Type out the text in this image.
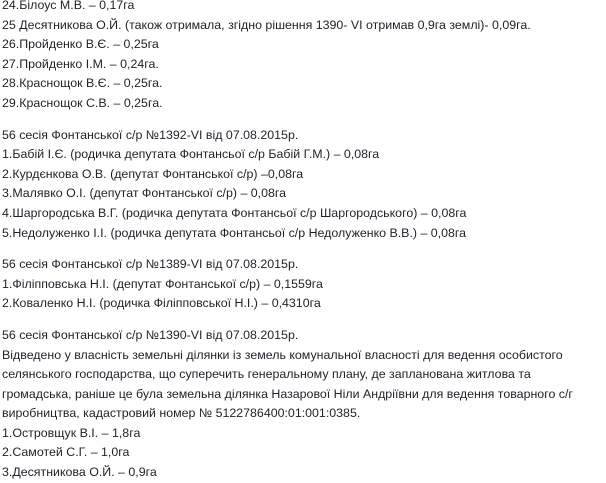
24.Білоус М.В. – 0,17га
25 Десятникова О.Й. (також отримала, згідно рішення 1390- VI отримав 0,9га землі)- 0,09га.
26.Пройденко В.Є. – 0,25га
27.Пройденко І.М. – 0,24га.
28.Краснощок В.Є. – 0,25га.
29.Краснощок С.В. – 0,25га.
56 сесія Фонтанської с/р №1392-VІ від 07.08.2015р.
1.Бабій І.Є. (родичка депутата Фонтансьої с/р Бабій Г.М.) – 0,08га
2.Курдєнкова О.В. (депутат Фонтанської с/р) –0,08га
3.Малявко О.І. (депутат Фонтанської с/р) – 0,08га
4.Шаргородська В.Г. (родичка депутата Фонтансьої с/р Шаргородського) – 0,08га
5.Недолуженко І.І. (родичка депутата Фонтансьої с/р Недолуженко В.В.) – 0,08га
56 сесія Фонтанської с/р №1389-VІ від 07.08.2015р.
1.Філіпповська Н.І. (депутат Фонтанської с/р) – 0,1559га
2.Коваленко Н.І. (родичка Філіпповської Н.І.) – 0,4310га
56 сесія Фонтанської с/р №1390-VІ від 07.08.2015р.
Відведено у власність земельні ділянки із земель комунальної власності для ведення особистого
селянського господарства, що суперечить генеральному плану, де запланована житлова та
громадська, раніше це була земельна ділянка Назарової Ніли Андріївни для ведення товарного с/г
виробництва, кадастровий номер № 5122786400:01:001:0385.
1.Островщук В.І. – 1,8га
2.Самотей С.Г. – 1,0га
3.Десятникова О.Й. – 0,9га
